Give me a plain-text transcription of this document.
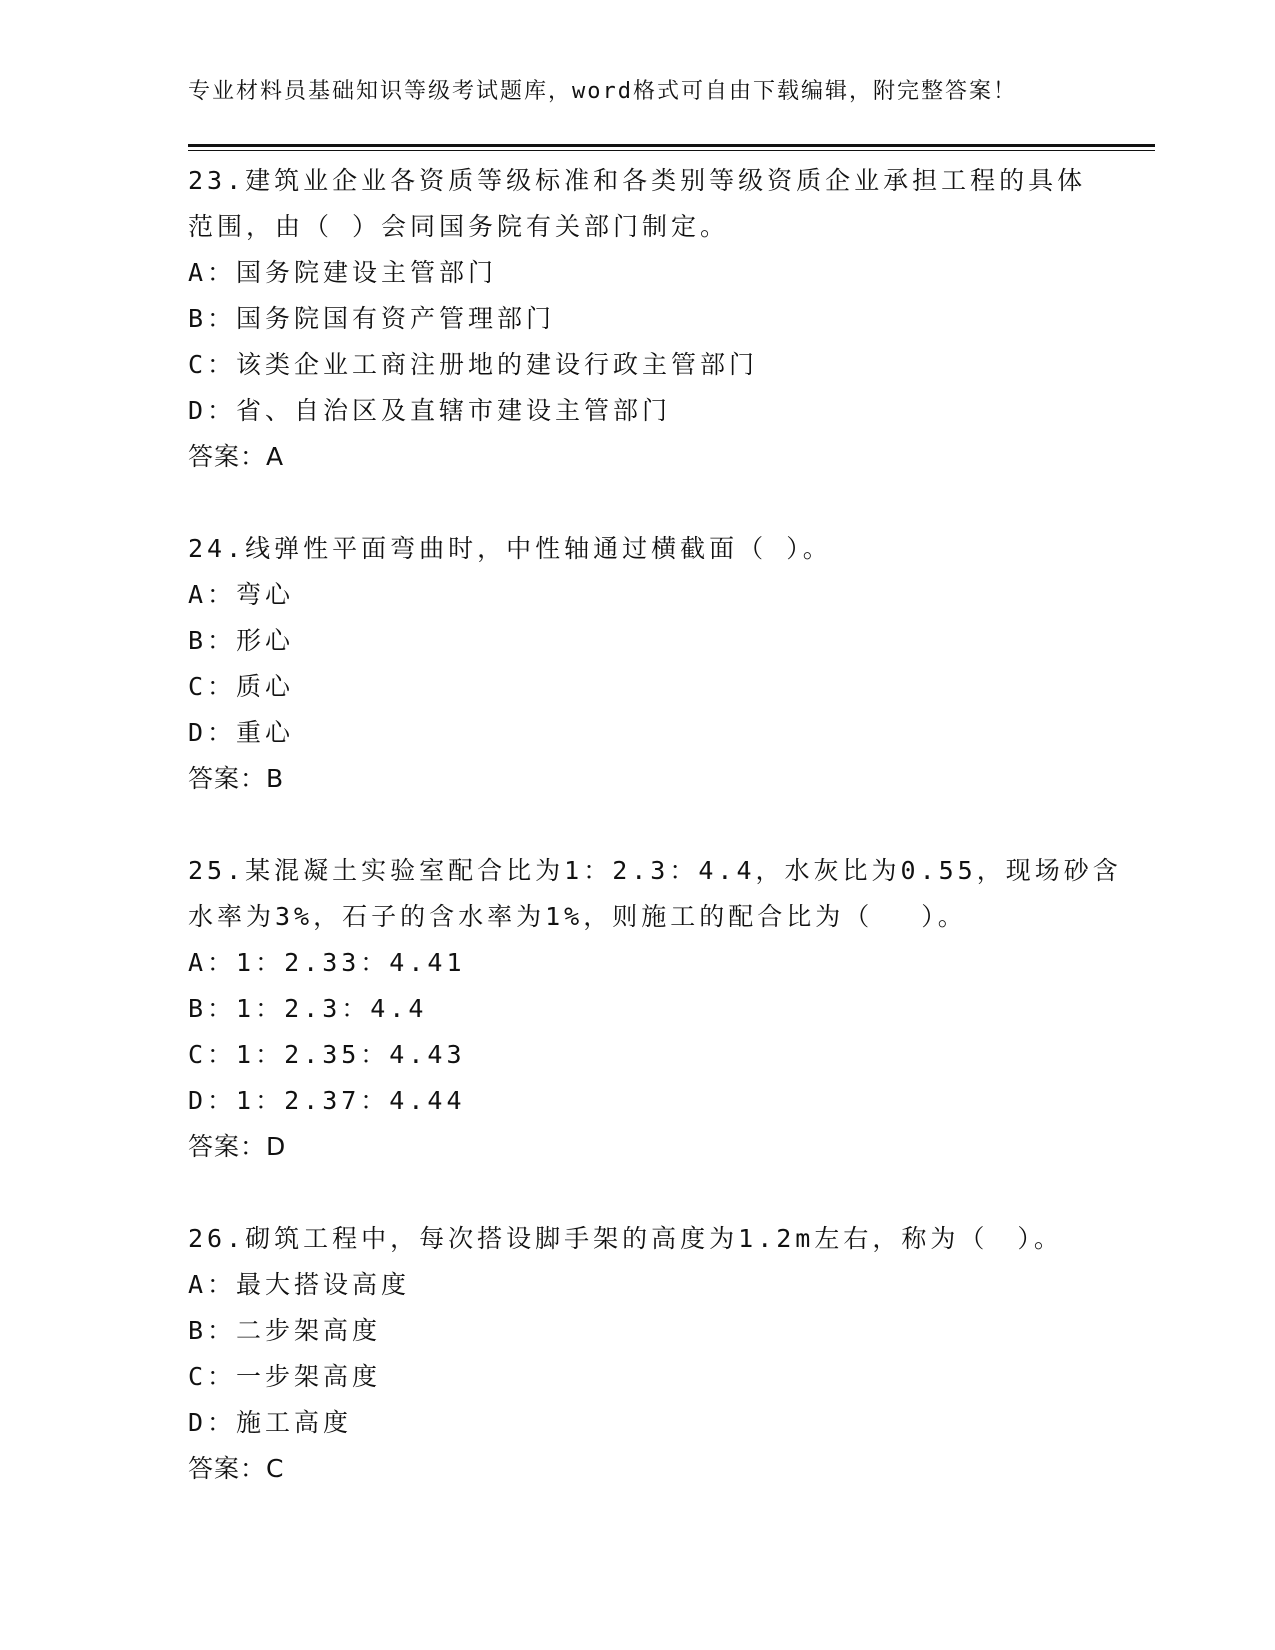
专业材料员基础知识等级考试题库，word格式可自由下载编辑，附完整答案！
23.建筑业企业各资质等级标准和各类别等级资质企业承担工程的具体
范围，由（ ）会同国务院有关部门制定。
A：国务院建设主管部门
B：国务院国有资产管理部门
C：该类企业工商注册地的建设行政主管部门
D：省、自治区及直辖市建设主管部门
答案：A
24.线弹性平面弯曲时，中性轴通过横截面（ ）。
A：弯心
B：形心
C：质心
D：重心
答案：B
25.某混凝土实验室配合比为1：2.3：4.4，水灰比为0.55，现场砂含
水率为3%，石子的含水率为1%，则施工的配合比为（　 ）。
A：1：2.33：4.41
B：1：2.3：4.4
C：1：2.35：4.43
D：1：2.37：4.44
答案：D
26.砌筑工程中，每次搭设脚手架的高度为1.2m左右，称为（　）。
A：最大搭设高度
B：二步架高度
C：一步架高度
D：施工高度
答案：C
